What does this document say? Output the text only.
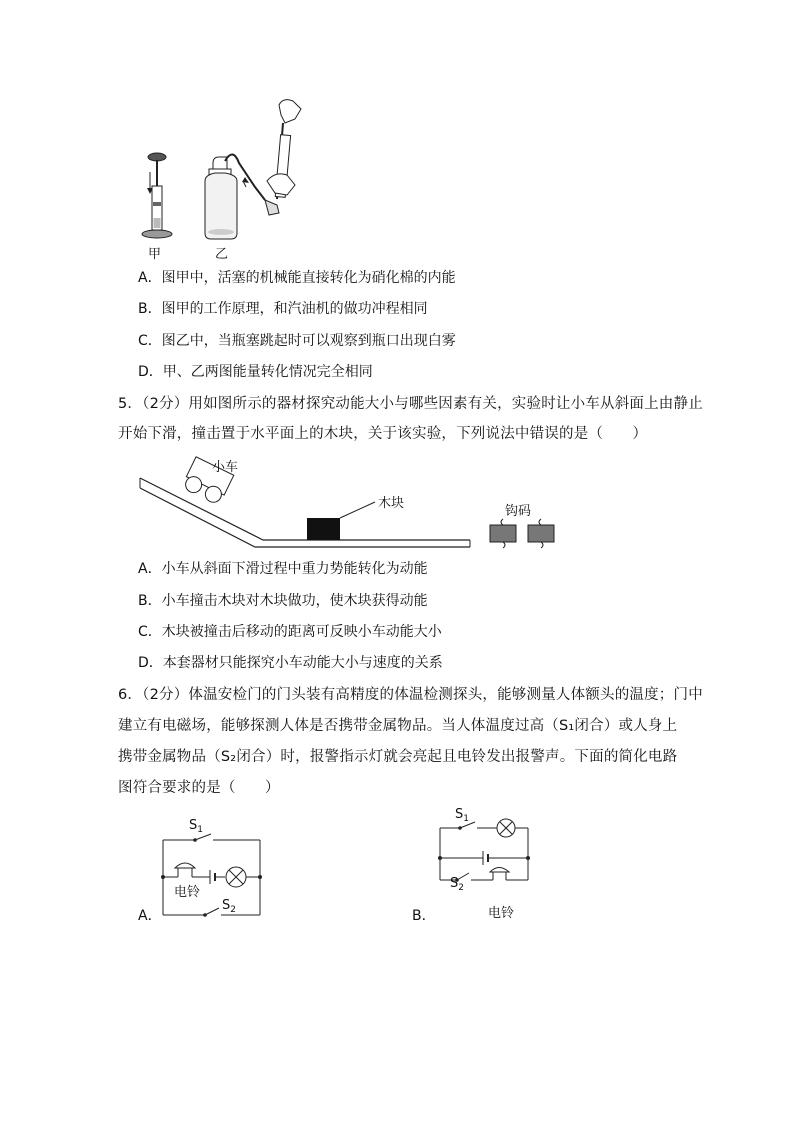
甲	乙
A．图甲中，活塞的机械能直接转化为硝化棉的内能
B．图甲的工作原理，和汽油机的做功冲程相同
C．图乙中，当瓶塞跳起时可以观察到瓶口出现白雾
D．甲、乙两图能量转化情况完全相同
5．（2分）用如图所示的器材探究动能大小与哪些因素有关，实验时让小车从斜面上由静止
开始下滑，撞击置于水平面上的木块，关于该实验，下列说法中错误的是（　　）
小车
木块
钩码
A．小车从斜面下滑过程中重力势能转化为动能
B．小车撞击木块对木块做功，使木块获得动能
C．木块被撞击后移动的距离可反映小车动能大小
D．本套器材只能探究小车动能大小与速度的关系
6．（2分）体温安检门的门头装有高精度的体温检测探头，能够测量人体额头的温度；门中
建立有电磁场，能够探测人体是否携带金属物品。当人体温度过高（S₁闭合）或人身上
携带金属物品（S₂闭合）时，报警指示灯就会亮起且电铃发出报警声。下面的简化电路
图符合要求的是（　　）
$S_1$
电铃
$S_2$
A．
$S_1$
$S_2$
电铃
B．
